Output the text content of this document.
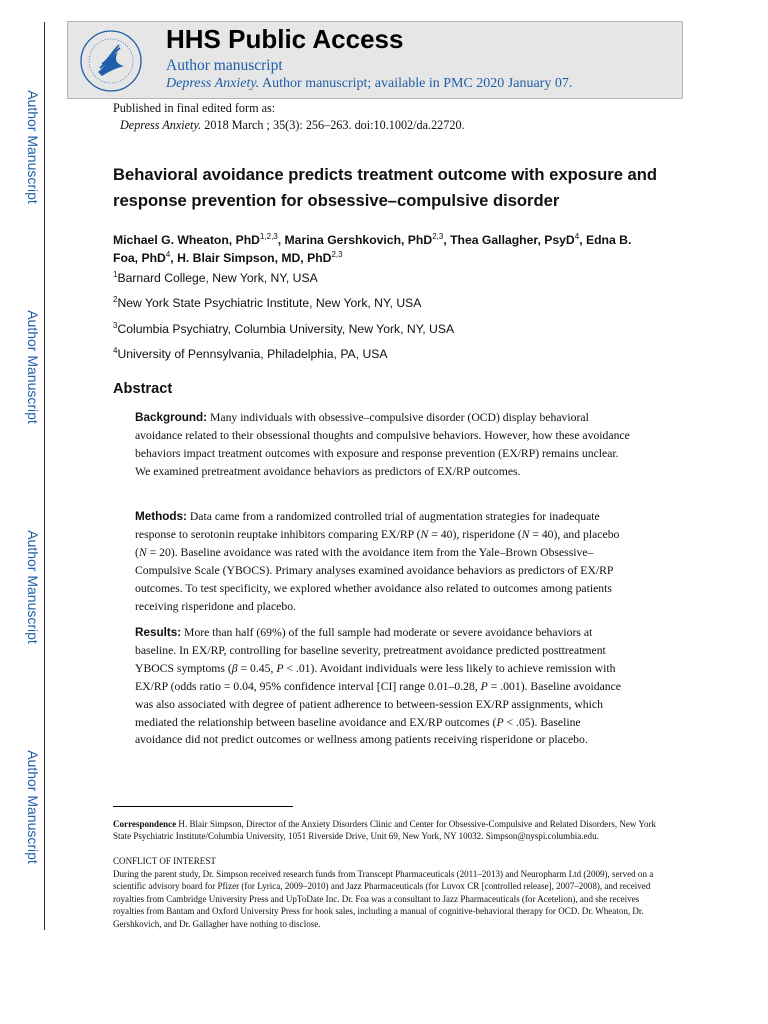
Author Manuscript
Author Manuscript
Author Manuscript
Author Manuscript
HHS Public Access
Author manuscript
Depress Anxiety. Author manuscript; available in PMC 2020 January 07.
Published in final edited form as:
Depress Anxiety. 2018 March ; 35(3): 256–263. doi:10.1002/da.22720.
Behavioral avoidance predicts treatment outcome with exposure and response prevention for obsessive–compulsive disorder
Michael G. Wheaton, PhD$^{1,2,3}$, Marina Gershkovich, PhD$^{2,3}$, Thea Gallagher, PsyD$^4$, Edna B. Foa, PhD$^4$, H. Blair Simpson, MD, PhD$^{2,3}$
$^1$Barnard College, New York, NY, USA
$^2$New York State Psychiatric Institute, New York, NY, USA
$^3$Columbia Psychiatry, Columbia University, New York, NY, USA
$^4$University of Pennsylvania, Philadelphia, PA, USA
Abstract
Background: Many individuals with obsessive–compulsive disorder (OCD) display behavioral avoidance related to their obsessional thoughts and compulsive behaviors. However, how these avoidance behaviors impact treatment outcomes with exposure and response prevention (EX/RP) remains unclear. We examined pretreatment avoidance behaviors as predictors of EX/RP outcomes.
Methods: Data came from a randomized controlled trial of augmentation strategies for inadequate response to serotonin reuptake inhibitors comparing EX/RP (N = 40), risperidone (N = 40), and placebo (N = 20). Baseline avoidance was rated with the avoidance item from the Yale–Brown Obsessive–Compulsive Scale (YBOCS). Primary analyses examined avoidance behaviors as predictors of EX/RP outcomes. To test specificity, we explored whether avoidance also related to outcomes among patients receiving risperidone and placebo.
Results: More than half (69%) of the full sample had moderate or severe avoidance behaviors at baseline. In EX/RP, controlling for baseline severity, pretreatment avoidance predicted posttreatment YBOCS symptoms (β = 0.45, P < .01). Avoidant individuals were less likely to achieve remission with EX/RP (odds ratio = 0.04, 95% confidence interval [CI] range 0.01–0.28, P = .001). Baseline avoidance was also associated with degree of patient adherence to between-session EX/RP assignments, which mediated the relationship between baseline avoidance and EX/RP outcomes (P < .05). Baseline avoidance did not predict outcomes or wellness among patients receiving risperidone or placebo.
Correspondence H. Blair Simpson, Director of the Anxiety Disorders Clinic and Center for Obsessive-Compulsive and Related Disorders, New York State Psychiatric Institute/Columbia University, 1051 Riverside Drive, Unit 69, New York, NY 10032. Simpson@nyspi.columbia.edu.
CONFLICT OF INTEREST
During the parent study, Dr. Simpson received research funds from Transcept Pharmaceuticals (2011–2013) and Neuropharm Ltd (2009), served on a scientific advisory board for Pfizer (for Lyrica, 2009–2010) and Jazz Pharmaceuticals (for Luvox CR [controlled release], 2007–2008), and received royalties from Cambridge University Press and UpToDate Inc. Dr. Foa was a consultant to Jazz Pharmaceuticals (for Acetelion), and she receives royalties from Bantam and Oxford University Press for book sales, including a manual of cognitive-behavioral therapy for OCD. Dr. Wheaton, Dr. Gershkovich, and Dr. Gallagher have nothing to disclose.
